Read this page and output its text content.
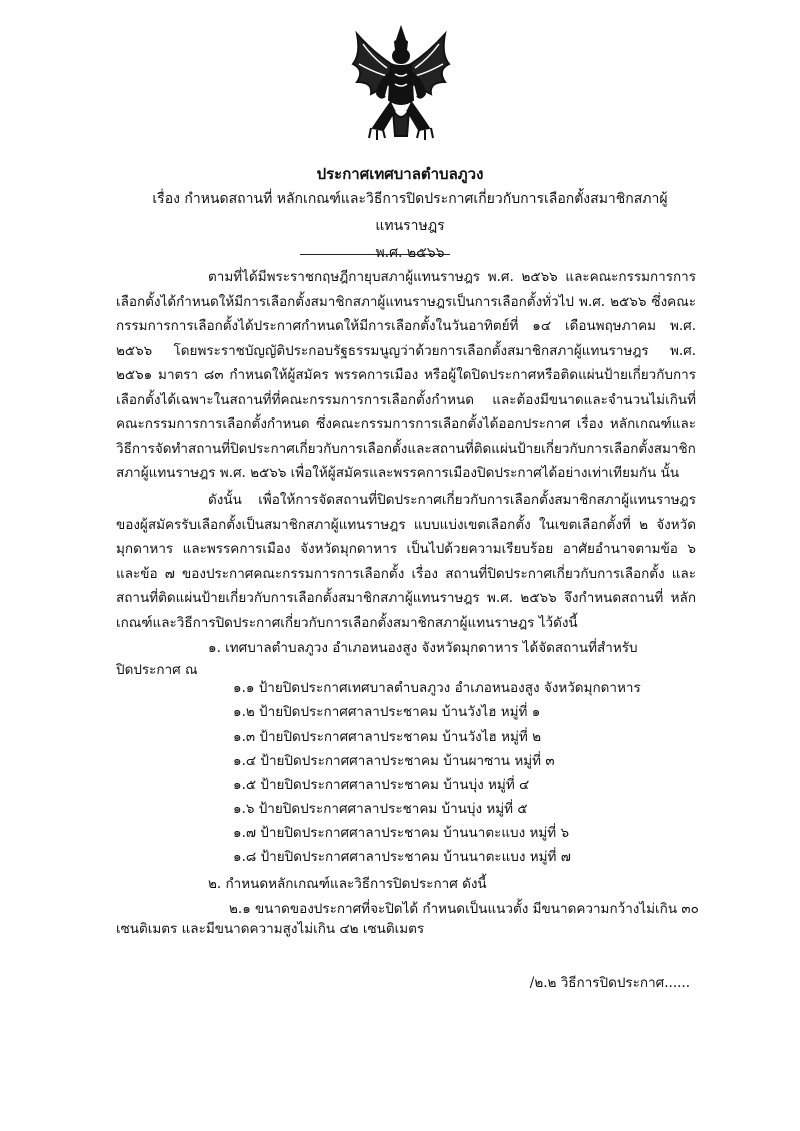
ประกาศเทศบาลตำบลภูวง
เรื่อง กำหนดสถานที่ หลักเกณฑ์และวิธีการปิดประกาศเกี่ยวกับการเลือกตั้งสมาชิกสภาผู้แทนราษฎร
พ.ศ. ๒๕๖๖
ตามที่ได้มีพระราชกฤษฎีกายุบสภาผู้แทนราษฎร พ.ศ. ๒๕๖๖ และคณะกรรมการการเลือกตั้งได้กำหนดให้มีการเลือกตั้งสมาชิกสภาผู้แทนราษฎรเป็นการเลือกตั้งทั่วไป พ.ศ. ๒๕๖๖ ซึ่งคณะกรรมการการเลือกตั้งได้ประกาศกำหนดให้มีการเลือกตั้งในวันอาทิตย์ที่ ๑๔ เดือนพฤษภาคม พ.ศ. ๒๕๖๖ โดยพระราชบัญญัติประกอบรัฐธรรมนูญว่าด้วยการเลือกตั้งสมาชิกสภาผู้แทนราษฎร พ.ศ. ๒๕๖๑ มาตรา ๘๓ กำหนดให้ผู้สมัคร พรรคการเมือง หรือผู้ใดปิดประกาศหรือติดแผ่นป้ายเกี่ยวกับการเลือกตั้งได้เฉพาะในสถานที่ที่คณะกรรมการการเลือกตั้งกำหนด และต้องมีขนาดและจำนวนไม่เกินที่คณะกรรมการการเลือกตั้งกำหนด ซึ่งคณะกรรมการการเลือกตั้งได้ออกประกาศ เรื่อง หลักเกณฑ์และวิธีการจัดทำสถานที่ปิดประกาศเกี่ยวกับการเลือกตั้งและสถานที่ติดแผ่นป้ายเกี่ยวกับการเลือกตั้งสมาชิกสภาผู้แทนราษฎร พ.ศ. ๒๕๖๖ เพื่อให้ผู้สมัครและพรรคการเมืองปิดประกาศได้อย่างเท่าเทียมกัน นั้น
ดังนั้น เพื่อให้การจัดสถานที่ปิดประกาศเกี่ยวกับการเลือกตั้งสมาชิกสภาผู้แทนราษฎรของผู้สมัครรับเลือกตั้งเป็นสมาชิกสภาผู้แทนราษฎร แบบแบ่งเขตเลือกตั้ง ในเขตเลือกตั้งที่ ๒ จังหวัดมุกดาหาร และพรรคการเมือง จังหวัดมุกดาหาร เป็นไปด้วยความเรียบร้อย อาศัยอำนาจตามข้อ ๖ และข้อ ๗ ของประกาศคณะกรรมการการเลือกตั้ง เรื่อง สถานที่ปิดประกาศเกี่ยวกับการเลือกตั้ง และสถานที่ติดแผ่นป้ายเกี่ยวกับการเลือกตั้งสมาชิกสภาผู้แทนราษฎร พ.ศ. ๒๕๖๖ จึงกำหนดสถานที่ หลักเกณฑ์และวิธีการปิดประกาศเกี่ยวกับการเลือกตั้งสมาชิกสภาผู้แทนราษฎร ไว้ดังนี้
๑. เทศบาลตำบลภูวง อำเภอหนองสูง จังหวัดมุกดาหาร ได้จัดสถานที่สำหรับ
ปิดประกาศ ณ
๑.๑ ป้ายปิดประกาศเทศบาลตำบลภูวง อำเภอหนองสูง จังหวัดมุกดาหาร
๑.๒ ป้ายปิดประกาศศาลาประชาคม บ้านวังไฮ หมู่ที่ ๑
๑.๓ ป้ายปิดประกาศศาลาประชาคม บ้านวังไฮ หมู่ที่ ๒
๑.๔ ป้ายปิดประกาศศาลาประชาคม บ้านผาซาน หมู่ที่ ๓
๑.๕ ป้ายปิดประกาศศาลาประชาคม บ้านบุ่ง หมู่ที่ ๔
๑.๖ ป้ายปิดประกาศศาลาประชาคม บ้านบุ่ง หมู่ที่ ๕
๑.๗ ป้ายปิดประกาศศาลาประชาคม บ้านนาตะแบง หมู่ที่ ๖
๑.๘ ป้ายปิดประกาศศาลาประชาคม บ้านนาตะแบง หมู่ที่ ๗
๒. กำหนดหลักเกณฑ์และวิธีการปิดประกาศ ดังนี้
๒.๑ ขนาดของประกาศที่จะปิดได้ กำหนดเป็นแนวตั้ง มีขนาดความกว้างไม่เกิน ๓๐
เซนติเมตร และมีขนาดความสูงไม่เกิน ๔๒ เซนติเมตร
/๒.๒ วิธีการปิดประกาศ......
